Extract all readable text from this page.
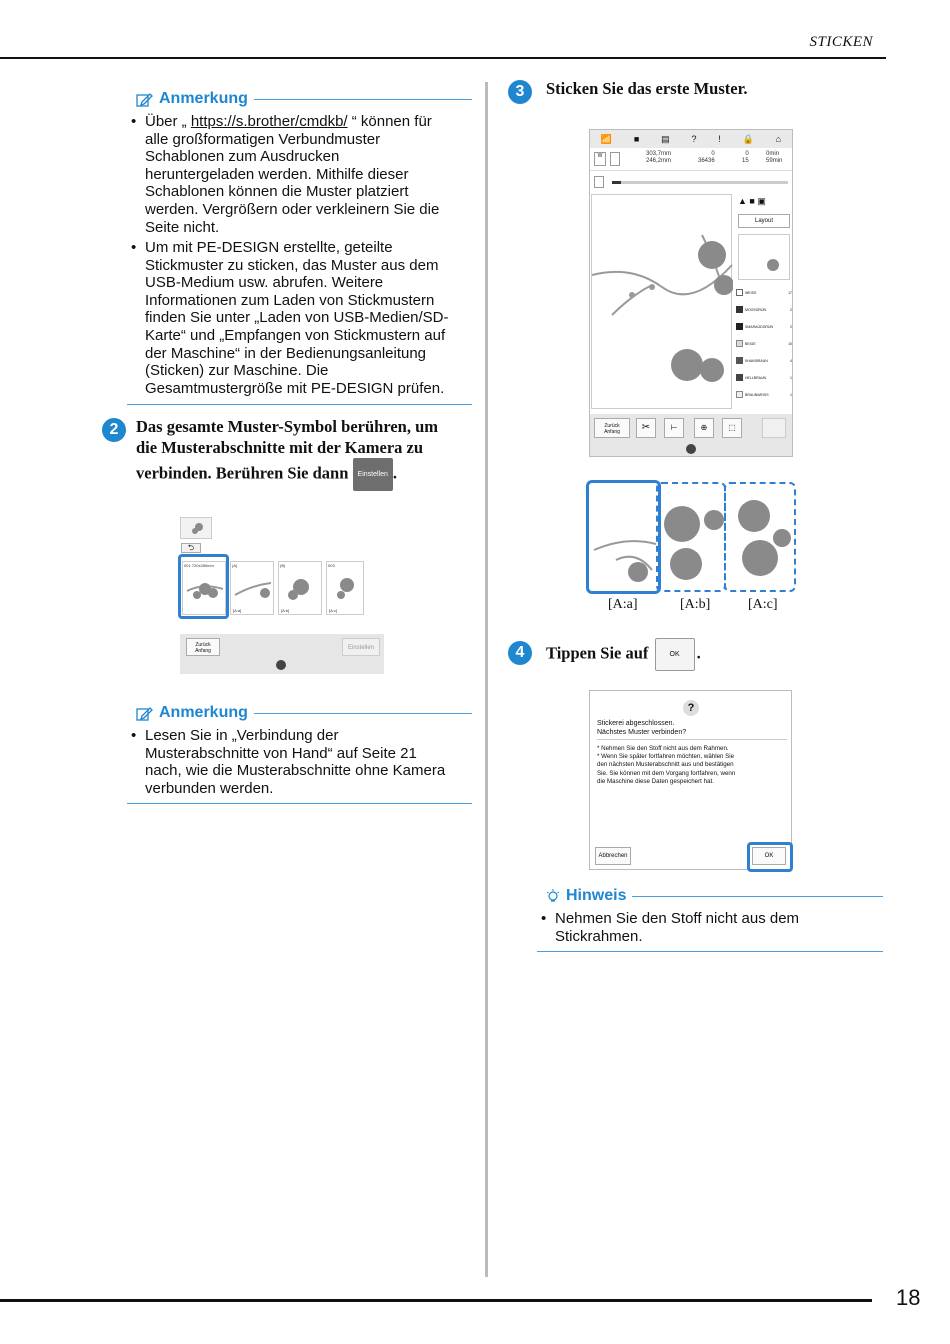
STICKEN
18
Anmerkung
• Über „ https://s.brother/cmdkb/ “ können für
alle großformatigen Verbundmuster
Schablonen zum Ausdrucken
heruntergeladen werden. Mithilfe dieser
Schablonen können die Muster platziert
werden. Vergrößern oder verkleinern Sie die
Seite nicht.
• Um mit PE-DESIGN erstellte, geteilte
Stickmuster zu sticken, das Muster aus dem
USB-Medium usw. abrufen. Weitere
Informationen zum Laden von Stickmustern
finden Sie unter „Laden von USB-Medien/SD-
Karte“ und „Empfangen von Stickmustern auf
der Maschine“ in der Bedienungsanleitung
(Sticken) zur Maschine. Die
Gesamtmustergröße mit PE-DESIGN prüfen.
2	Das gesamte Muster-Symbol berühren, um
die Musterabschnitte mit der Kamera zu
verbinden. Berühren Sie dann Einstellen .
⮌
001 720x280mm	(A)
[A:a]
(B)
[A:b]
003
[A:c]
Zurück
Anfang	Einstellen
Anmerkung
• Lesen Sie in „Verbindung der
Musterabschnitte von Hand“ auf Seite 21
nach, wie die Musterabschnitte ohne Kamera
verbunden werden.
3	Sticken Sie das erste Muster.
📶 ■ ▤ ? ! 🔒 ⌂
W	303,7mm
246,2mm
0
36436
0
15
0min
59min
▲ ■ ▣
Layout
WEISS	17
MOOSGRÜN	2
SMARAGDGRÜN	2
BEIGE	10
KHAKIBRAUN	4
HELLBRAUN	1
BRAUNWEISS	1
Zurück
Anfang	✂	⊢	⊕	⬚
[A:a]	[A:b]	[A:c]
4	Tippen Sie auf	OK .
?
Stickerei abgeschlossen.
Nächstes Muster verbinden?
* Nehmen Sie den Stoff nicht aus dem Rahmen.
* Wenn Sie später fortfahren möchten, wählen Sie
den nächsten Musterabschnitt aus und bestätigen
Sie. Sie können mit dem Vorgang fortfahren, wenn
die Maschine diese Daten gespeichert hat.
Abbrechen	OK
Hinweis
• Nehmen Sie den Stoff nicht aus dem
Stickrahmen.
